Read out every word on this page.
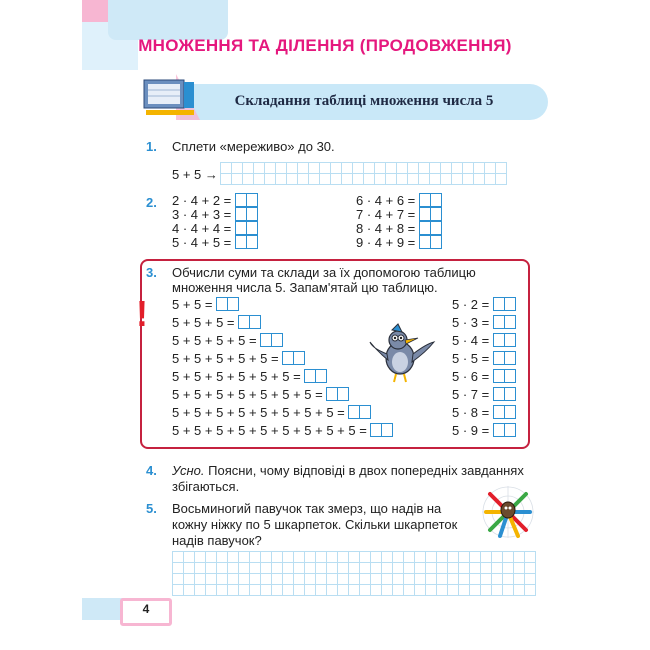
МНОЖЕННЯ ТА ДІЛЕННЯ (ПРОДОВЖЕННЯ)
Складання таблиці множення числа 5
1. Сплети «мереживо» до 30.
5 + 5 →
2. 2 · 4 + 2 =
3 · 4 + 3 =
4 · 4 + 4 =
5 · 4 + 5 =
6 · 4 + 6 =
7 · 4 + 7 =
8 · 4 + 8 =
9 · 4 + 9 =
!
3. Обчисли суми та склади за їх допомогою таблицю
множення числа 5. Запам'ятай цю таблицю.
5 + 5 =
5 + 5 + 5 =
5 + 5 + 5 + 5 =
5 + 5 + 5 + 5 + 5 =
5 + 5 + 5 + 5 + 5 + 5 =
5 + 5 + 5 + 5 + 5 + 5 + 5 =
5 + 5 + 5 + 5 + 5 + 5 + 5 + 5 =
5 + 5 + 5 + 5 + 5 + 5 + 5 + 5 + 5 =
5 · 2 =
5 · 3 =
5 · 4 =
5 · 5 =
5 · 6 =
5 · 7 =
5 · 8 =
5 · 9 =
4. Усно. Поясни, чому відповіді в двох попередніх завданнях
збігаються.
5. Восьминогий павучок так змерз, що надів на
кожну ніжку по 5 шкарпеток. Скільки шкарпеток
надів павучок?
4
